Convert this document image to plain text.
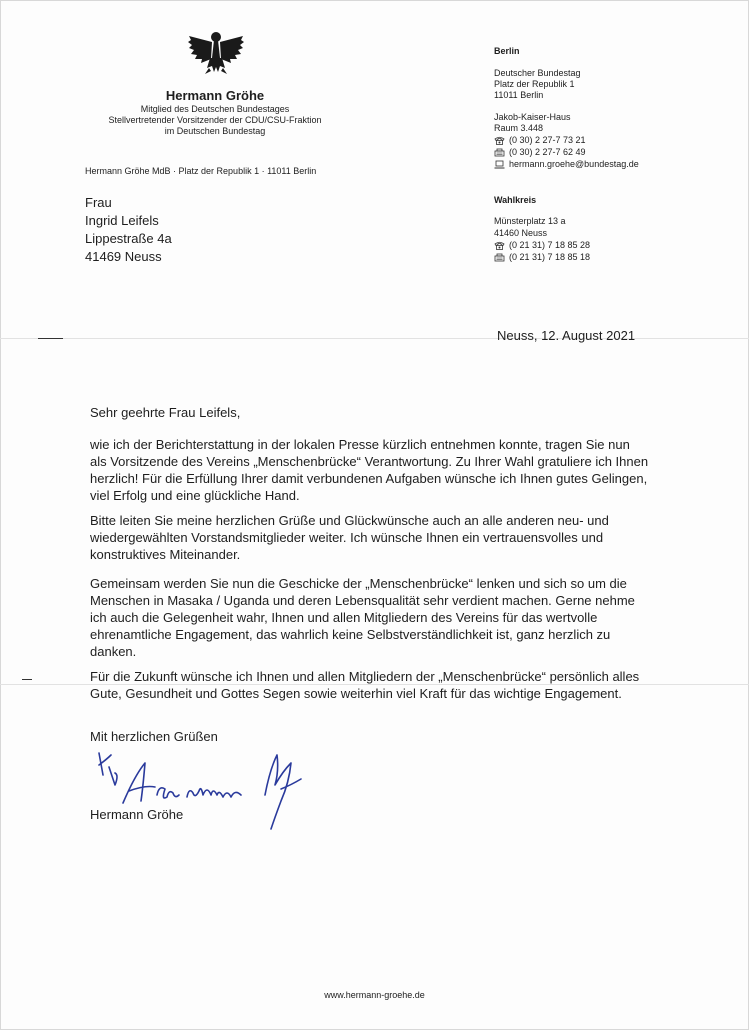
Hermann Gröhe
Mitglied des Deutschen Bundestages
Stellvertretender Vorsitzender der CDU/CSU-Fraktion
im Deutschen Bundestag
Hermann Gröhe MdB · Platz der Republik 1 · 11011 Berlin
Frau
Ingrid Leifels
Lippestraße 4a
41469 Neuss
Berlin
Deutscher Bundestag
Platz der Republik 1
11011 Berlin
Jakob-Kaiser-Haus
Raum 3.448
(0 30) 2 27-7 73 21
(0 30) 2 27-7 62 49
hermann.groehe@bundestag.de
Wahlkreis
Münsterplatz 13 a
41460 Neuss
(0 21 31) 7 18 85 28
(0 21 31) 7 18 85 18
Neuss, 12. August 2021
Sehr geehrte Frau Leifels,
wie ich der Berichterstattung in der lokalen Presse kürzlich entnehmen konnte, tragen Sie nun als Vorsitzende des Vereins „Menschenbrücke“ Verantwortung. Zu Ihrer Wahl gratuliere ich Ihnen herzlich! Für die Erfüllung Ihrer damit verbundenen Aufgaben wünsche ich Ihnen gutes Gelingen, viel Erfolg und eine glückliche Hand.
Bitte leiten Sie meine herzlichen Grüße und Glückwünsche auch an alle anderen neu- und wiedergewählten Vorstandsmitglieder weiter. Ich wünsche Ihnen ein vertrauensvolles und konstruktives Miteinander.
Gemeinsam werden Sie nun die Geschicke der „Menschenbrücke“ lenken und sich so um die Menschen in Masaka / Uganda und deren Lebensqualität sehr verdient machen. Gerne nehme ich auch die Gelegenheit wahr, Ihnen und allen Mitgliedern des Vereins für das wertvolle ehrenamtliche Engagement, das wahrlich keine Selbstverständlichkeit ist, ganz herzlich zu danken.
Für die Zukunft wünsche ich Ihnen und allen Mitgliedern der „Menschenbrücke“ persönlich alles Gute, Gesundheit und Gottes Segen sowie weiterhin viel Kraft für das wichtige Engagement.
Mit herzlichen Grüßen
Hermann Gröhe
www.hermann-groehe.de
